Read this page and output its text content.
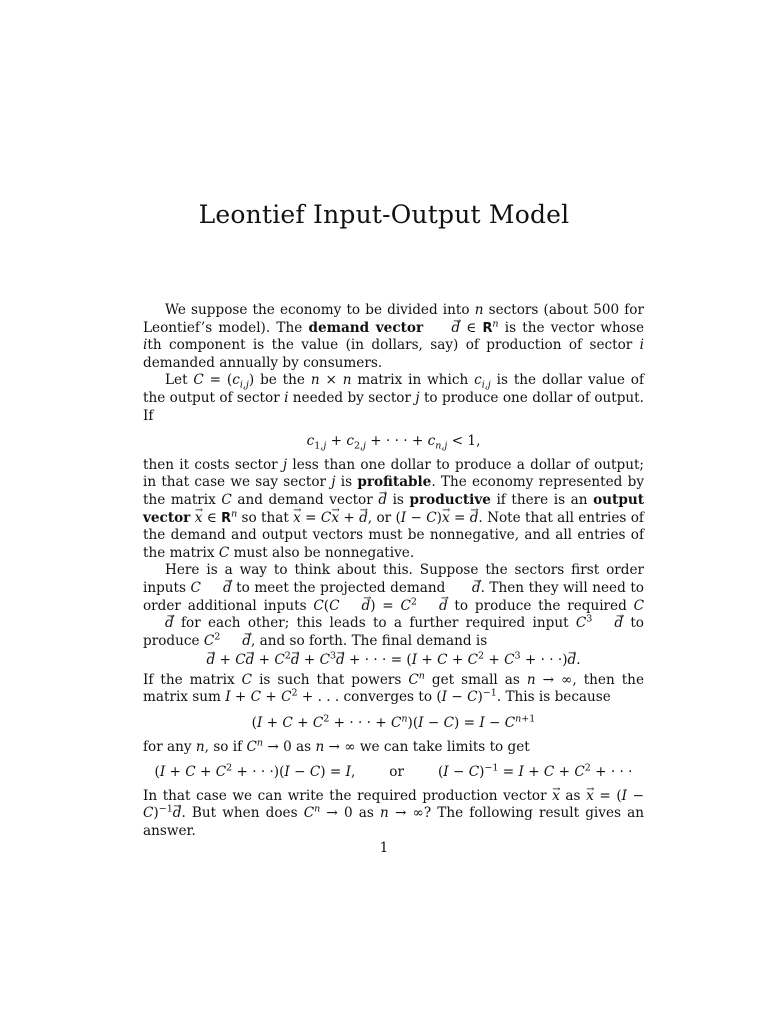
Leontief Input-Output Model

We suppose the economy to be divided into n sectors (about 500 for Leontief’s model). The demand vector d → ∈ $R^n$ is the vector whose ith component is the value (in dollars, say) of production of sector i demanded annually by consumers.

Let $C = (c_{i,j})$ be the n × n matrix in which $c_{i,j}$ is the dollar value of the output of sector i needed by sector j to produce one dollar of output. If

$c_{1,j} + c_{2,j}$ + · · · + $c_{n,j} < 1$,

then it costs sector j less than one dollar to produce a dollar of output; in that case we say sector j is profitable. The economy represented by the matrix C and demand vector d → is productive if there is an output vector x → ∈ $R^n$ so that x → = Cx → + d →, or (I − C)x → = d →. Note that all entries of the demand and output vectors must be nonnegative, and all entries of the matrix C must also be nonnegative.

Here is a way to think about this. Suppose the sectors first order inputs C d → to meet the projected demand d →. Then they will need to order additional inputs C(C d →) = $C^2$ d → to produce the required Cd → for each other; this leads to a further required input $C^3$ d → to produce $C^2$ d →, and so forth. The final demand is

d → + Cd → + $C^2d$ → + $C^3d$ → + · · · = ($I + C + C^2 + C^3$ + · · ·)d →.

If the matrix C is such that powers $C^n$ get small as n → ∞, then the matrix sum $I + C + C^2$ + . . . converges to $(I - C)^{-1}$. This is because

($I + C + C^2$ + · · · + $C^n)(I - C) = I - C^{n+1}$

for any n, so if $C^n \to 0$ as n → ∞ we can take limits to get

($I + C + C^2$ + · · ·)(I − C) = I,	or	$(I - C)^{-1} = I + C + C^2$ + · · ·

In that case we can write the required production vector x → as x → = $(I - C)^{-1}d$ →. But when does $C^n \to 0$ as n → ∞? The following result gives an answer.

1
